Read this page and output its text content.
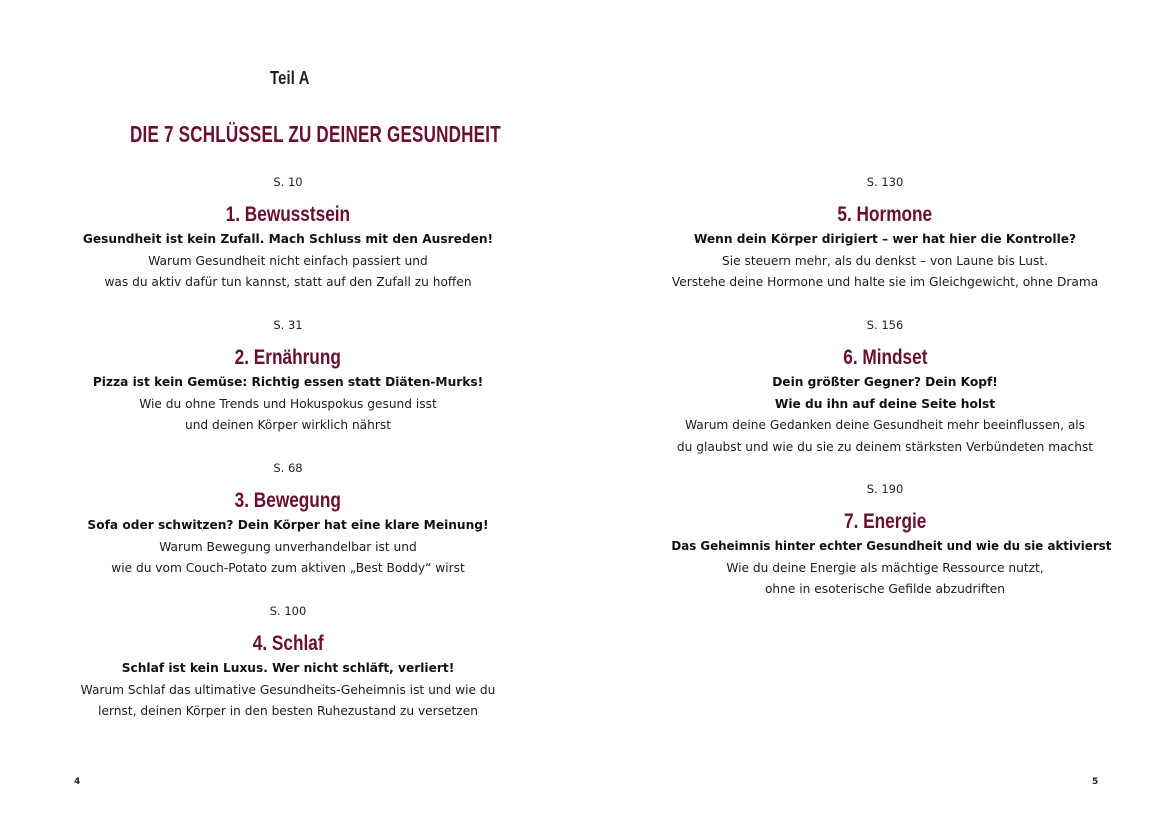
Teil A
DIE 7 SCHLÜSSEL ZU DEINER GESUNDHEIT
S. 10
1. Bewusstsein
Gesundheit ist kein Zufall. Mach Schluss mit den Ausreden!
Warum Gesundheit nicht einfach passiert und
was du aktiv dafür tun kannst, statt auf den Zufall zu hoffen
S. 31
2. Ernährung
Pizza ist kein Gemüse: Richtig essen statt Diäten-Murks!
Wie du ohne Trends und Hokuspokus gesund isst
und deinen Körper wirklich nährst
S. 68
3. Bewegung
Sofa oder schwitzen? Dein Körper hat eine klare Meinung!
Warum Bewegung unverhandelbar ist und
wie du vom Couch-Potato zum aktiven „Best Boddy“ wirst
S. 100
4. Schlaf
Schlaf ist kein Luxus. Wer nicht schläft, verliert!
Warum Schlaf das ultimative Gesundheits-Geheimnis ist und wie du
lernst, deinen Körper in den besten Ruhezustand zu versetzen
S. 130
5. Hormone
Wenn dein Körper dirigiert – wer hat hier die Kontrolle?
Sie steuern mehr, als du denkst – von Laune bis Lust.
Verstehe deine Hormone und halte sie im Gleichgewicht, ohne Drama
S. 156
6. Mindset
Dein größter Gegner? Dein Kopf!
Wie du ihn auf deine Seite holst
Warum deine Gedanken deine Gesundheit mehr beeinflussen, als
du glaubst und wie du sie zu deinem stärksten Verbündeten machst
S. 190
7. Energie
Das Geheimnis hinter echter Gesundheit und wie du sie aktivierst
Wie du deine Energie als mächtige Ressource nutzt,
ohne in esoterische Gefilde abzudriften
4	5
